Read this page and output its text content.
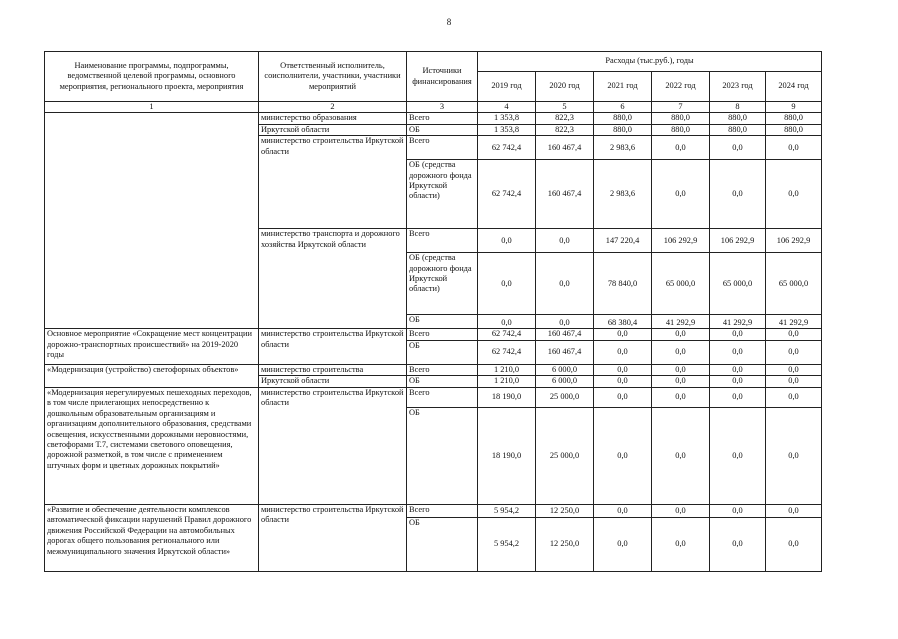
8
Наименование программы, подпрограммы, ведомственной целевой программы, основного мероприятия, регионального проекта, мероприятия	Ответственный исполнитель, соисполнители, участники, участники мероприятий	Источники финансирования	Расходы (тыс.руб.), годы					
			2019 год	2020 год	2021 год	2022 год	2023 год	2024 год
1	2	3	4	5	6	7	8	9
	министерство образования	Всего	1 353,8	822,3	880,0	880,0	880,0	880,0
	Иркутской области	ОБ	1 353,8	822,3	880,0	880,0	880,0	880,0
	министерство строительства Иркутской области	Всего	62 742,4	160 467,4	2 983,6	0,0	0,0	0,0
		ОБ (средства дорожного фонда Иркутской области)	62 742,4	160 467,4	2 983,6	0,0	0,0	0,0
	министерство транспорта и дорожного хозяйства Иркутской области	Всего	0,0	0,0	147 220,4	106 292,9	106 292,9	106 292,9
		ОБ (средства дорожного фонда Иркутской области)	0,0	0,0	78 840,0	65 000,0	65 000,0	65 000,0
		ОБ	0,0	0,0	68 380,4	41 292,9	41 292,9	41 292,9
Основное мероприятие «Сокращение мест концентрации дорожно-транспортных происшествий» на 2019-2020 годы	министерство строительства Иркутской области	Всего	62 742,4	160 467,4	0,0	0,0	0,0	0,0
		ОБ	62 742,4	160 467,4	0,0	0,0	0,0	0,0
«Модернизация (устройство) светофорных объектов»	министерство строительства	Всего	1 210,0	6 000,0	0,0	0,0	0,0	0,0
	Иркутской области	ОБ	1 210,0	6 000,0	0,0	0,0	0,0	0,0
«Модернизация нерегулируемых пешеходных переходов, в том числе прилегающих непосредственно к дошкольным образовательным организациям и организациям дополнительного образования, средствами освещения, искусственными дорожными неровностями, светофорами Т.7, системами светового оповещения, дорожной разметкой, в том числе с применением штучных форм и цветных дорожных покрытий»	министерство строительства Иркутской области	Всего	18 190,0	25 000,0	0,0	0,0	0,0	0,0
		ОБ	18 190,0	25 000,0	0,0	0,0	0,0	0,0
«Развитие и обеспечение деятельности комплексов автоматической фиксации нарушений Правил дорожного движения Российской Федерации на автомобильных дорогах общего пользования регионального или межмуниципального значения Иркутской области»	министерство строительства Иркутской области	Всего	5 954,2	12 250,0	0,0	0,0	0,0	0,0
		ОБ	5 954,2	12 250,0	0,0	0,0	0,0	0,0
